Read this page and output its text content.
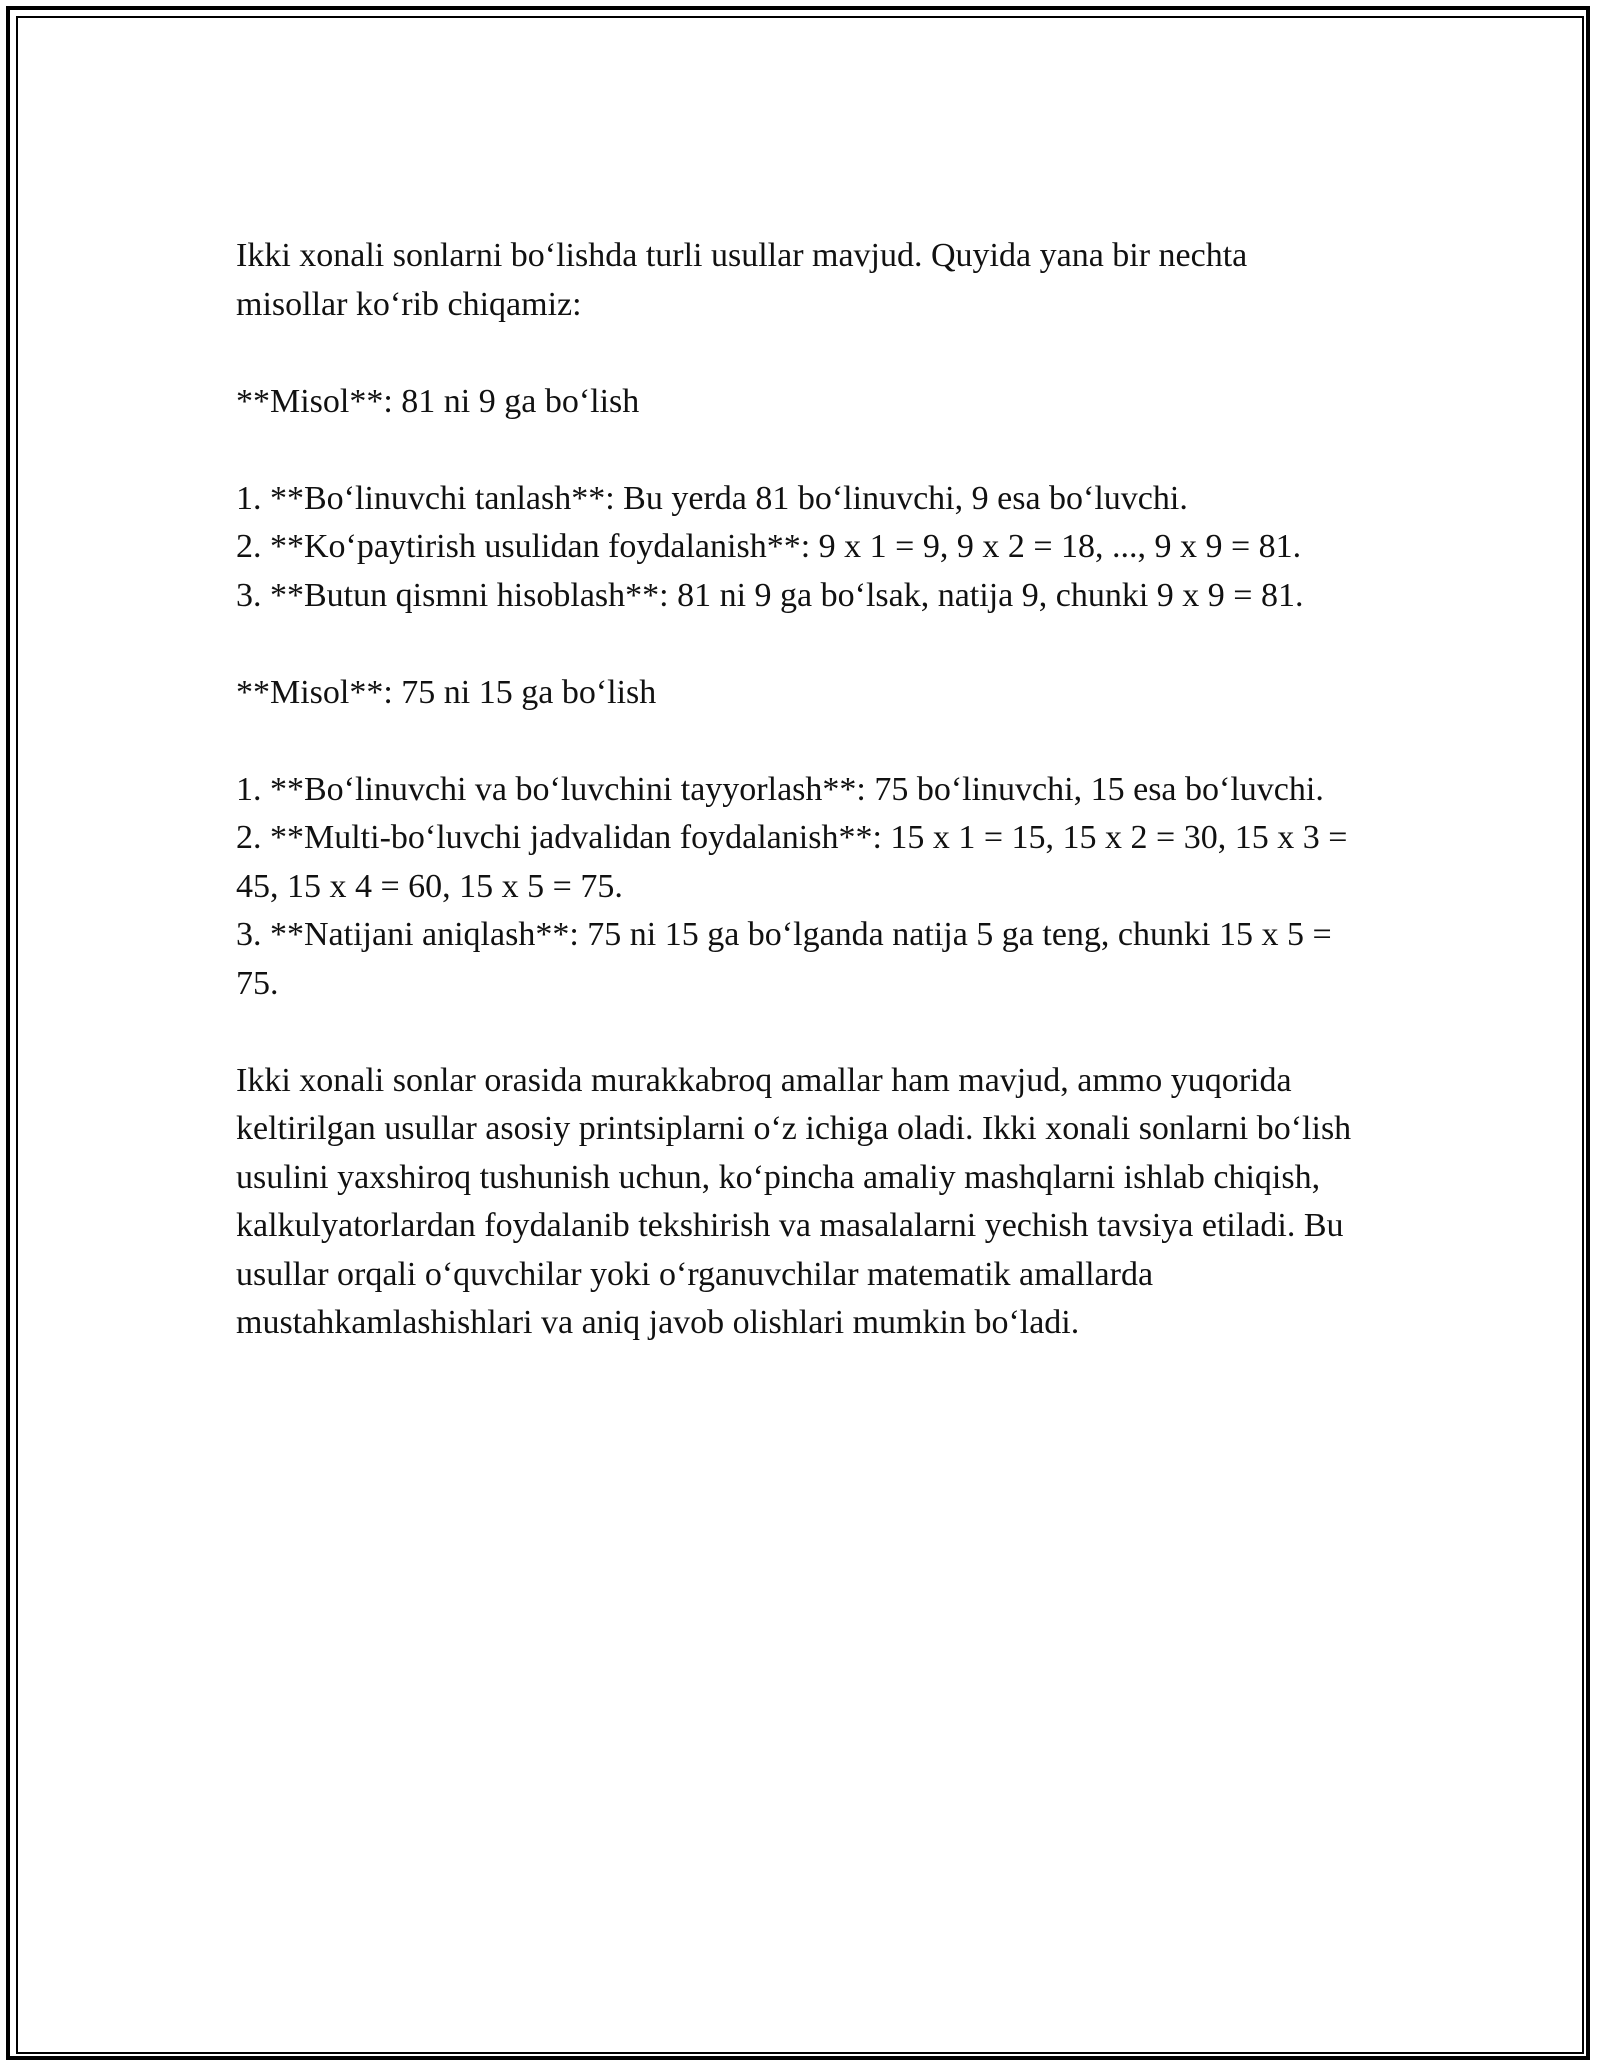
Ikki xonali sonlarni bo‘lishda turli usullar mavjud. Quyida yana bir nechta misollar ko‘rib chiqamiz:

**Misol**: 81 ni 9 ga bo‘lish

1. **Bo‘linuvchi tanlash**: Bu yerda 81 bo‘linuvchi, 9 esa bo‘luvchi.

2. **Ko‘paytirish usulidan foydalanish**: 9 x 1 = 9, 9 x 2 = 18, ..., 9 x 9 = 81.

3. **Butun qismni hisoblash**: 81 ni 9 ga bo‘lsak, natija 9, chunki 9 x 9 = 81.

**Misol**: 75 ni 15 ga bo‘lish

1. **Bo‘linuvchi va bo‘luvchini tayyorlash**: 75 bo‘linuvchi, 15 esa bo‘luvchi.

2. **Multi-bo‘luvchi jadvalidan foydalanish**: 15 x 1 = 15, 15 x 2 = 30, 15 x 3 = 45, 15 x 4 = 60, 15 x 5 = 75.

3. **Natijani aniqlash**: 75 ni 15 ga bo‘lganda natija 5 ga teng, chunki 15 x 5 = 75.

Ikki xonali sonlar orasida murakkabroq amallar ham mavjud, ammo yuqorida keltirilgan usullar asosiy printsiplarni o‘z ichiga oladi. Ikki xonali sonlarni bo‘lish usulini yaxshiroq tushunish uchun, ko‘pincha amaliy mashqlarni ishlab chiqish, kalkulyatorlardan foydalanib tekshirish va masalalarni yechish tavsiya etiladi. Bu usullar orqali o‘quvchilar yoki o‘rganuvchilar matematik amallarda mustahkamlashishlari va aniq javob olishlari mumkin bo‘ladi.
